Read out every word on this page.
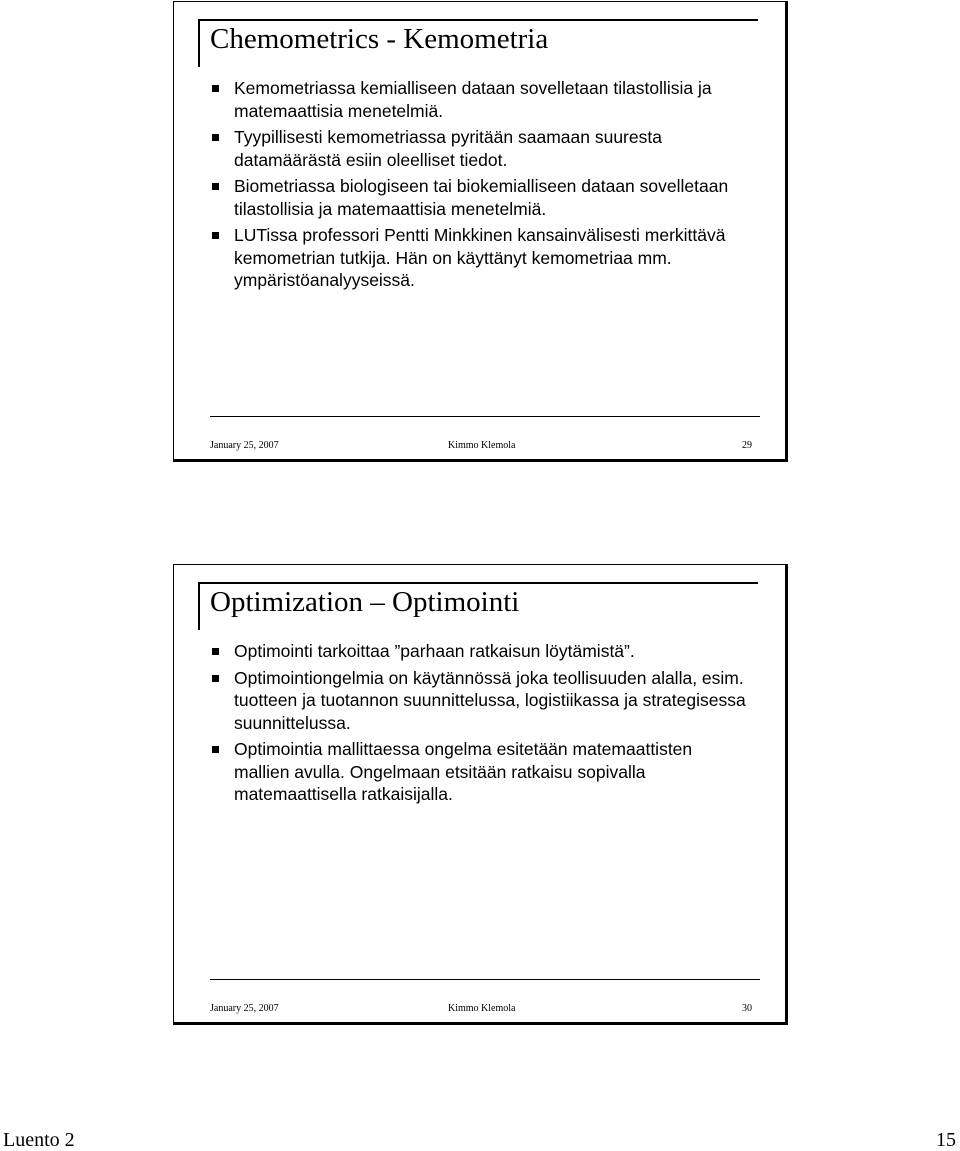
Chemometrics - Kemometria
Kemometriassa kemialliseen dataan sovelletaan tilastollisia ja matemaattisia menetelmiä.
Tyypillisesti kemometriassa pyritään saamaan suuresta datamäärästä esiin oleelliset tiedot.
Biometriassa biologiseen tai biokemialliseen dataan sovelletaan tilastollisia ja matemaattisia menetelmiä.
LUTissa professori Pentti Minkkinen kansainvälisesti merkittävä kemometrian tutkija. Hän on käyttänyt kemometriaa mm. ympäristöanalyyseissä.
January 25, 2007	Kimmo Klemola	29
Optimization – Optimointi
Optimointi tarkoittaa ”parhaan ratkaisun löytämistä”.
Optimointiongelmia on käytännössä joka teollisuuden alalla, esim. tuotteen ja tuotannon suunnittelussa, logistiikassa ja strategisessa suunnittelussa.
Optimointia mallittaessa ongelma esitetään matemaattisten mallien avulla. Ongelmaan etsitään ratkaisu sopivalla matemaattisella ratkaisijalla.
January 25, 2007	Kimmo Klemola	30
Luento 2	15
